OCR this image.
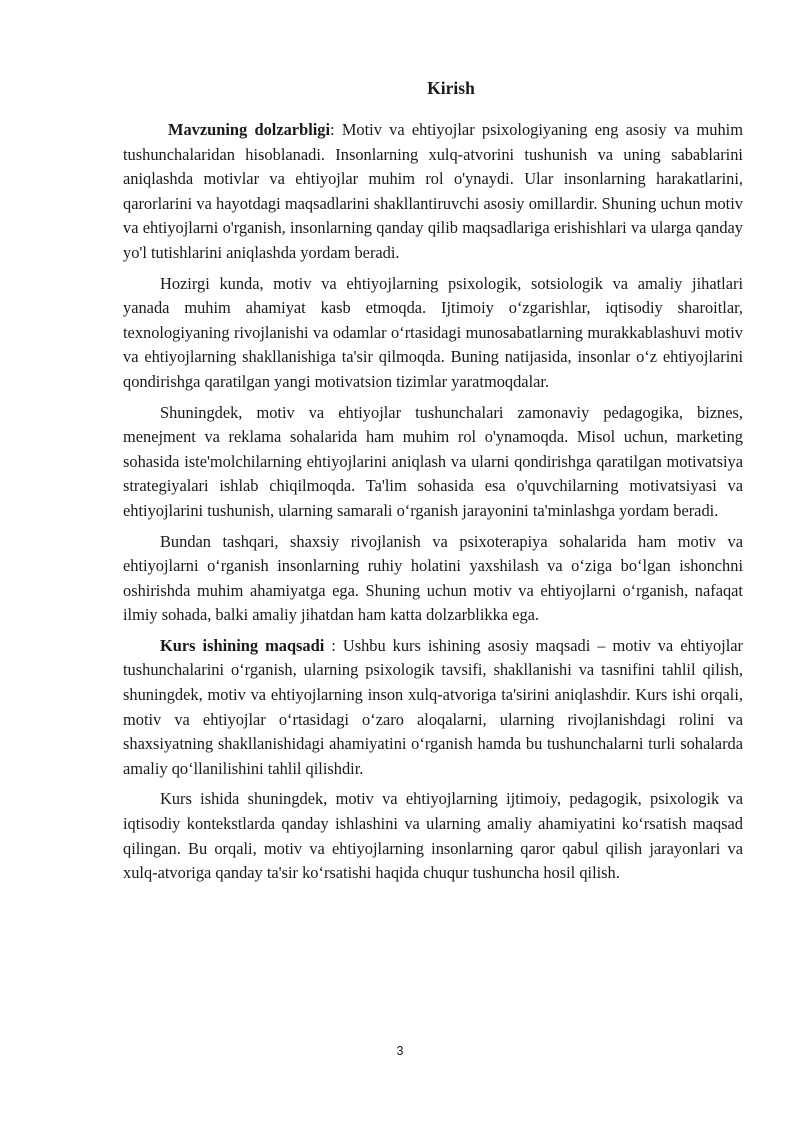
Kirish

Mavzuning dolzarbligi: Motiv va ehtiyojlar psixologiyaning eng asosiy va muhim tushunchalaridan hisoblanadi. Insonlarning xulq-atvorini tushunish va uning sabablarini aniqlashda motivlar va ehtiyojlar muhim rol o'ynaydi. Ular insonlarning harakatlarini, qarorlarini va hayotdagi maqsadlarini shakllantiruvchi asosiy omillardir. Shuning uchun motiv va ehtiyojlarni o'rganish, insonlarning qanday qilib maqsadlariga erishishlari va ularga qanday yo'l tutishlarini aniqlashda yordam beradi.

Hozirgi kunda, motiv va ehtiyojlarning psixologik, sotsiologik va amaliy jihatlari yanada muhim ahamiyat kasb etmoqda. Ijtimoiy o‘zgarishlar, iqtisodiy sharoitlar, texnologiyaning rivojlanishi va odamlar o‘rtasidagi munosabatlarning murakkablashuvi motiv va ehtiyojlarning shakllanishiga ta'sir qilmoqda. Buning natijasida, insonlar o‘z ehtiyojlarini qondirishga qaratilgan yangi motivatsion tizimlar yaratmoqdalar.

Shuningdek, motiv va ehtiyojlar tushunchalari zamonaviy pedagogika, biznes, menejment va reklama sohalarida ham muhim rol o'ynamoqda. Misol uchun, marketing sohasida iste'molchilarning ehtiyojlarini aniqlash va ularni qondirishga qaratilgan motivatsiya strategiyalari ishlab chiqilmoqda. Ta'lim sohasida esa o'quvchilarning motivatsiyasi va ehtiyojlarini tushunish, ularning samarali o‘rganish jarayonini ta'minlashga yordam beradi.

Bundan tashqari, shaxsiy rivojlanish va psixoterapiya sohalarida ham motiv va ehtiyojlarni o‘rganish insonlarning ruhiy holatini yaxshilash va o‘ziga bo‘lgan ishonchni oshirishda muhim ahamiyatga ega. Shuning uchun motiv va ehtiyojlarni o‘rganish, nafaqat ilmiy sohada, balki amaliy jihatdan ham katta dolzarblikka ega.

Kurs ishining maqsadi : Ushbu kurs ishining asosiy maqsadi – motiv va ehtiyojlar tushunchalarini o‘rganish, ularning psixologik tavsifi, shakllanishi va tasnifini tahlil qilish, shuningdek, motiv va ehtiyojlarning inson xulq-atvoriga ta'sirini aniqlashdir. Kurs ishi orqali, motiv va ehtiyojlar o‘rtasidagi o‘zaro aloqalarni, ularning rivojlanishdagi rolini va shaxsiyatning shakllanishidagi ahamiyatini o‘rganish hamda bu tushunchalarni turli sohalarda amaliy qo‘llanilishini tahlil qilishdir.

Kurs ishida shuningdek, motiv va ehtiyojlarning ijtimoiy, pedagogik, psixologik va iqtisodiy kontekstlarda qanday ishlashini va ularning amaliy ahamiyatini ko‘rsatish maqsad qilingan. Bu orqali, motiv va ehtiyojlarning insonlarning qaror qabul qilish jarayonlari va xulq-atvoriga qanday ta'sir ko‘rsatishi haqida chuqur tushuncha hosil qilish.

3
